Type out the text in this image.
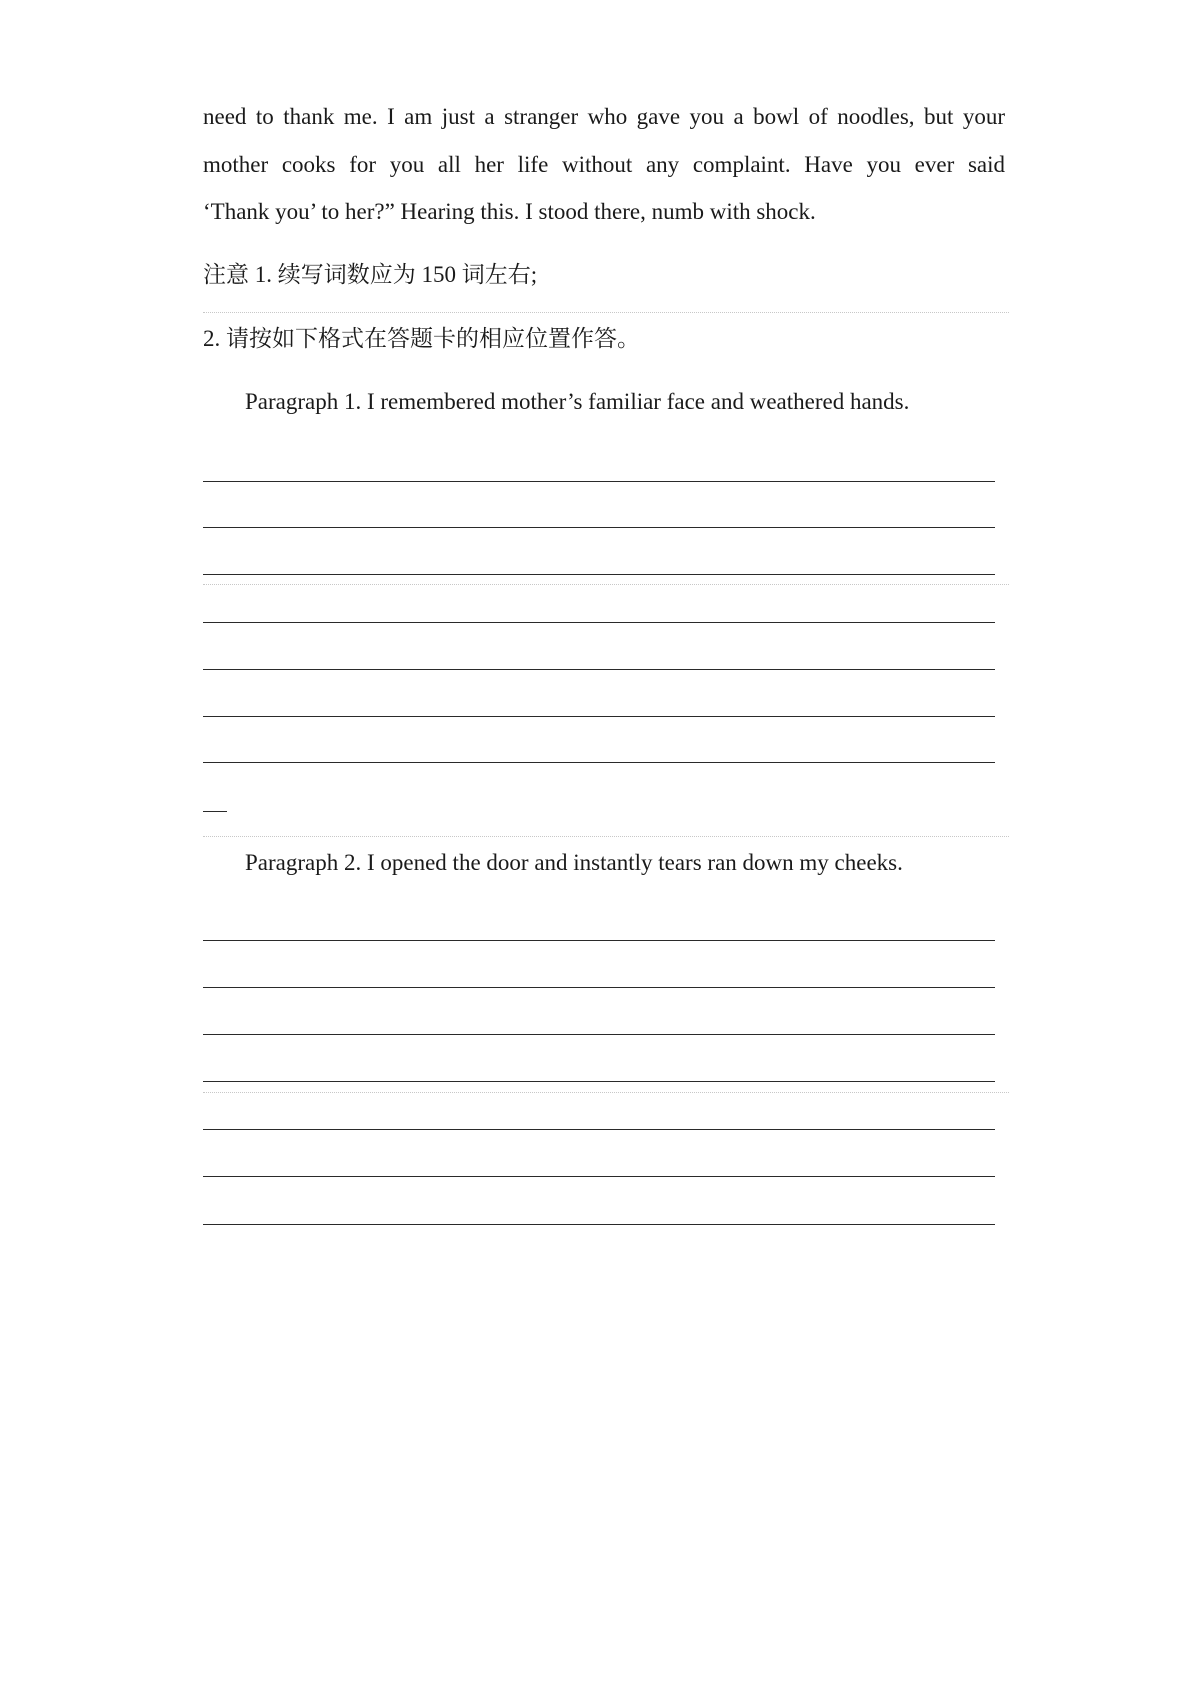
need to thank me. I am just a stranger who gave you a bowl of noodles, but your
mother cooks for you all her life without any complaint. Have you ever said
‘Thank you’ to her?” Hearing this. I stood there, numb with shock.
注意 1. 续写词数应为 150 词左右;
2. 请按如下格式在答题卡的相应位置作答。
Paragraph 1. I remembered mother’s familiar face and weathered hands.
Paragraph 2. I opened the door and instantly tears ran down my cheeks.
